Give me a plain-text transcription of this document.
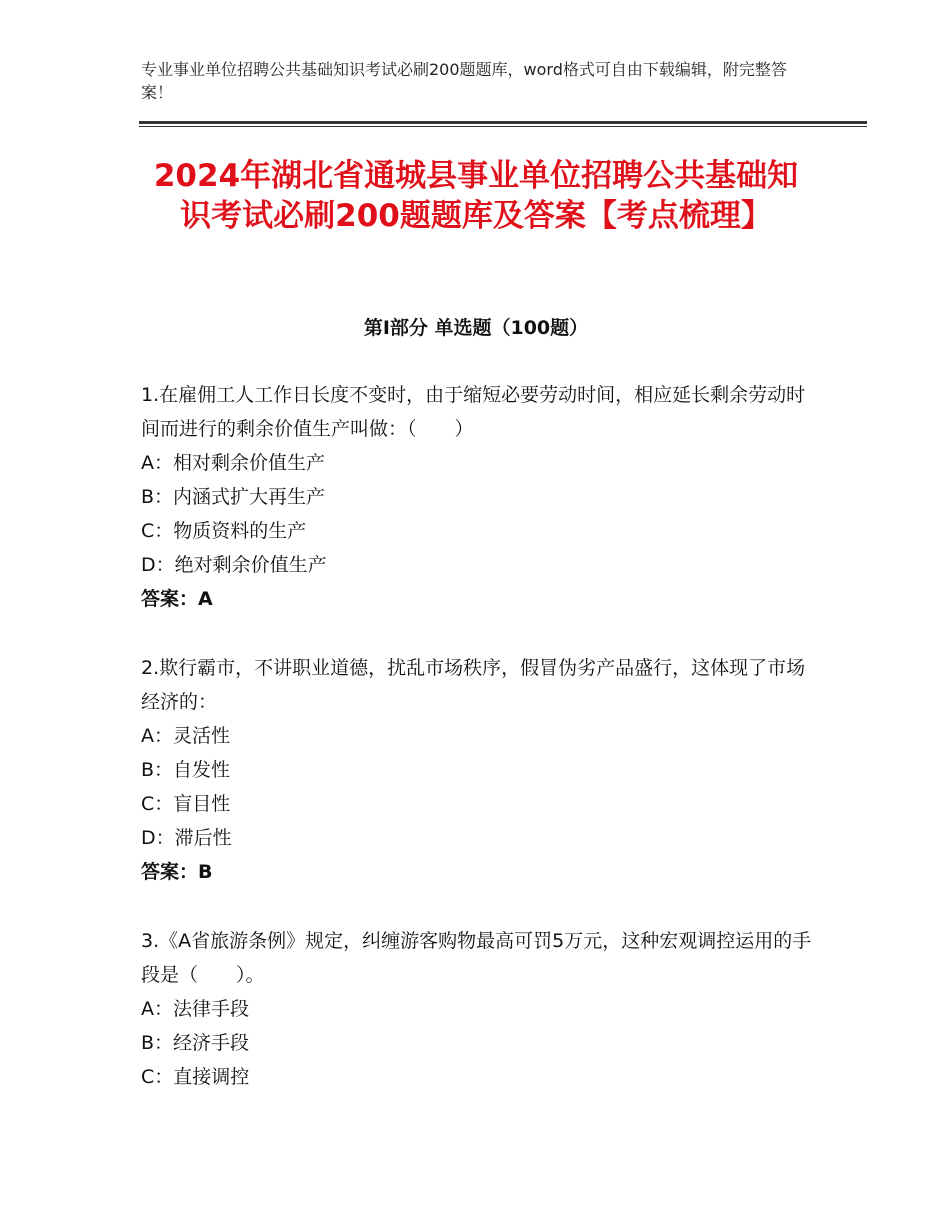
专业事业单位招聘公共基础知识考试必刷200题题库，word格式可自由下载编辑，附完整答案！
2024年湖北省通城县事业单位招聘公共基础知识考试必刷200题题库及答案【考点梳理】
第I部分 单选题（100题）

1.在雇佣工人工作日长度不变时，由于缩短必要劳动时间，相应延长剩余劳动时间而进行的剩余价值生产叫做：（　　）

A：相对剩余价值生产

B：内涵式扩大再生产

C：物质资料的生产

D：绝对剩余价值生产

答案：A

2.欺行霸市，不讲职业道德，扰乱市场秩序，假冒伪劣产品盛行，这体现了市场经济的：

A：灵活性

B：自发性

C：盲目性

D：滞后性

答案：B

3.《A省旅游条例》规定，纠缠游客购物最高可罚5万元，这种宏观调控运用的手段是（　　）。

A：法律手段

B：经济手段

C：直接调控
